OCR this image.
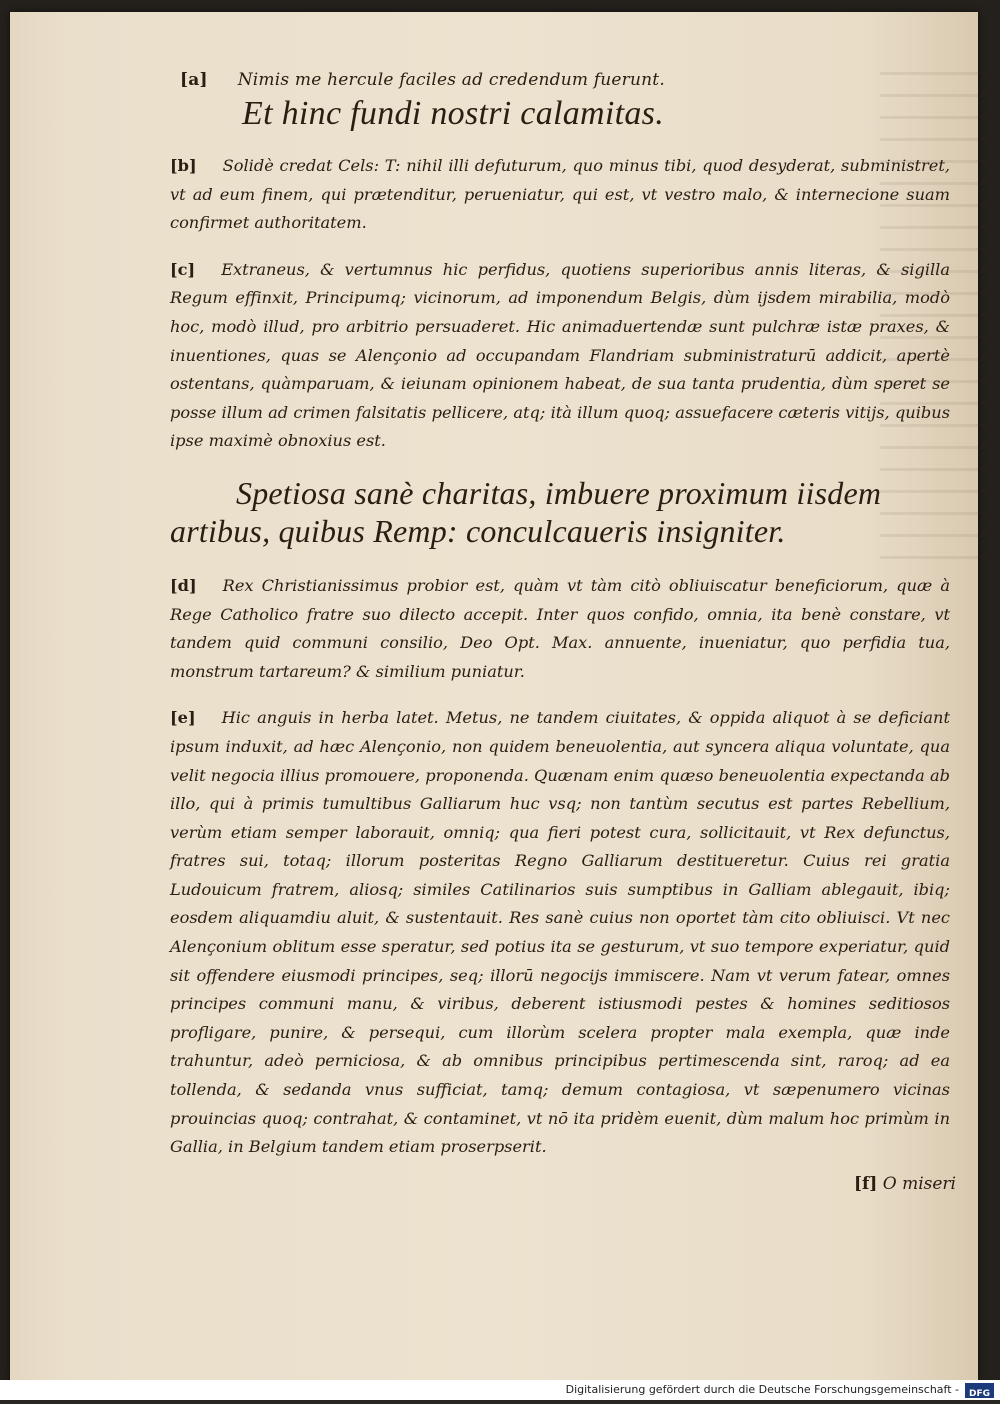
[a] Nimis me hercule faciles ad credendum fuerunt.
Et hinc fundi nostri calamitas.
[b] Solidè credat Cels: T: nihil illi defuturum, quo minus tibi, quod desyderat, subministret, vt ad eum finem, qui prætenditur, perueniatur, qui est, vt vestro malo, & internecione suam confirmet authoritatem.
[c] Extraneus, & vertumnus hic perfidus, quotiens superioribus annis literas, & sigilla Regum effinxit, Principumq; vicinorum, ad imponendum Belgis, dùm ijsdem mirabilia, modò hoc, modò illud, pro arbitrio persuaderet. Hic animaduertendæ sunt pulchræ istæ praxes, & inuentiones, quas se Alençonio ad occupandam Flandriam subministraturū addicit, apertè ostentans, quàmparuam, & ieiunam opinionem habeat, de sua tanta prudentia, dùm speret se posse illum ad crimen falsitatis pellicere, atq; ità illum quoq; assuefacere cæteris vitijs, quibus ipse maximè obnoxius est.
Spetiosa sanè charitas, imbuere proximum iisdem artibus, quibus Remp: conculcaueris insigniter.
[d] Rex Christianissimus probior est, quàm vt tàm citò obliuiscatur beneficiorum, quæ à Rege Catholico fratre suo dilecto accepit. Inter quos confido, omnia, ita benè constare, vt tandem quid communi consilio, Deo Opt. Max. annuente, inueniatur, quo perfidia tua, monstrum tartareum? & similium puniatur.
[e] Hic anguis in herba latet. Metus, ne tandem ciuitates, & oppida aliquot à se deficiant ipsum induxit, ad hæc Alençonio, non quidem beneuolentia, aut syncera aliqua voluntate, qua velit negocia illius promouere, proponenda. Quænam enim quæso beneuolentia expectanda ab illo, qui à primis tumultibus Galliarum huc vsq; non tantùm secutus est partes Rebellium, verùm etiam semper laborauit, omniq; qua fieri potest cura, sollicitauit, vt Rex defunctus, fratres sui, totaq; illorum posteritas Regno Galliarum destitueretur. Cuius rei gratia Ludouicum fratrem, aliosq; similes Catilinarios suis sumptibus in Galliam ablegauit, ibiq; eosdem aliquamdiu aluit, & sustentauit. Res sanè cuius non oportet tàm cito obliuisci. Vt nec Alençonium oblitum esse speratur, sed potius ita se gesturum, vt suo tempore experiatur, quid sit offendere eiusmodi principes, seq; illorū negocijs immiscere. Nam vt verum fatear, omnes principes communi manu, & viribus, deberent istiusmodi pestes & homines seditiosos profligare, punire, & persequi, cum illorùm scelera propter mala exempla, quæ inde trahuntur, adeò perniciosa, & ab omnibus principibus pertimescenda sint, raroq; ad ea tollenda, & sedanda vnus sufficiat, tamq; demum contagiosa, vt sæpenumero vicinas prouincias quoq; contrahat, & contaminet, vt nō ita pridèm euenit, dùm malum hoc primùm in Gallia, in Belgium tandem etiam proserpserit.
[f] O miseri
Digitalisierung gefördert durch die Deutsche Forschungsgemeinschaft - DFG
